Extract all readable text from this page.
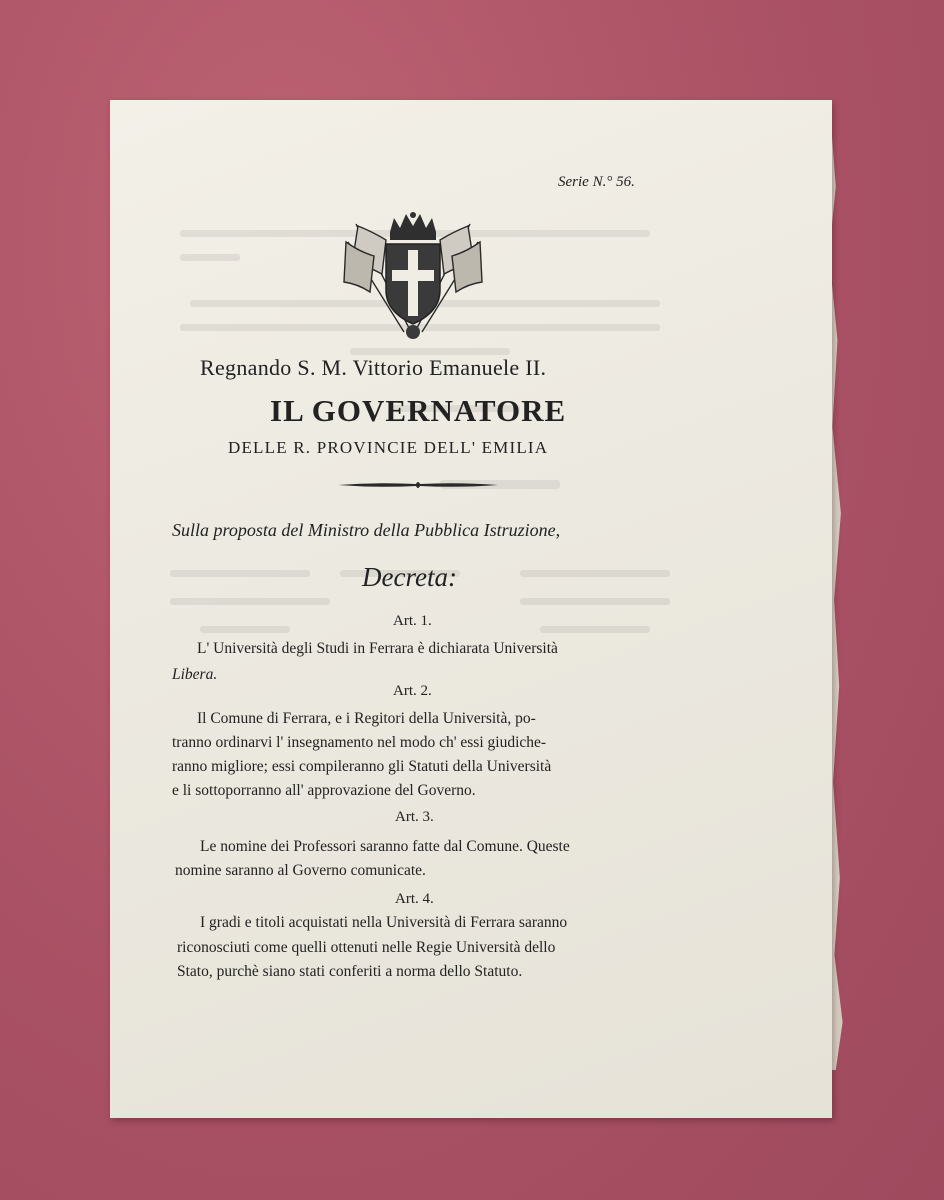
Serie N.° 56.
Regnando S. M. Vittorio Emanuele II.
IL GOVERNATORE
DELLE R. PROVINCIE DELL' EMILIA
Sulla proposta del Ministro della Pubblica Istruzione,
Decreta:
Art. 1.
L' Università degli Studi in Ferrara è dichiarata Università
Libera.
Art. 2.
Il Comune di Ferrara, e i Regitori della Università, po-
tranno ordinarvi l' insegnamento nel modo ch' essi giudiche-
ranno migliore; essi compileranno gli Statuti della Università
e li sottoporranno all' approvazione del Governo.
Art. 3.
Le nomine dei Professori saranno fatte dal Comune. Queste
nomine saranno al Governo comunicate.
Art. 4.
I gradi e titoli acquistati nella Università di Ferrara saranno
riconosciuti come quelli ottenuti nelle Regie Università dello
Stato, purchè siano stati conferiti a norma dello Statuto.
